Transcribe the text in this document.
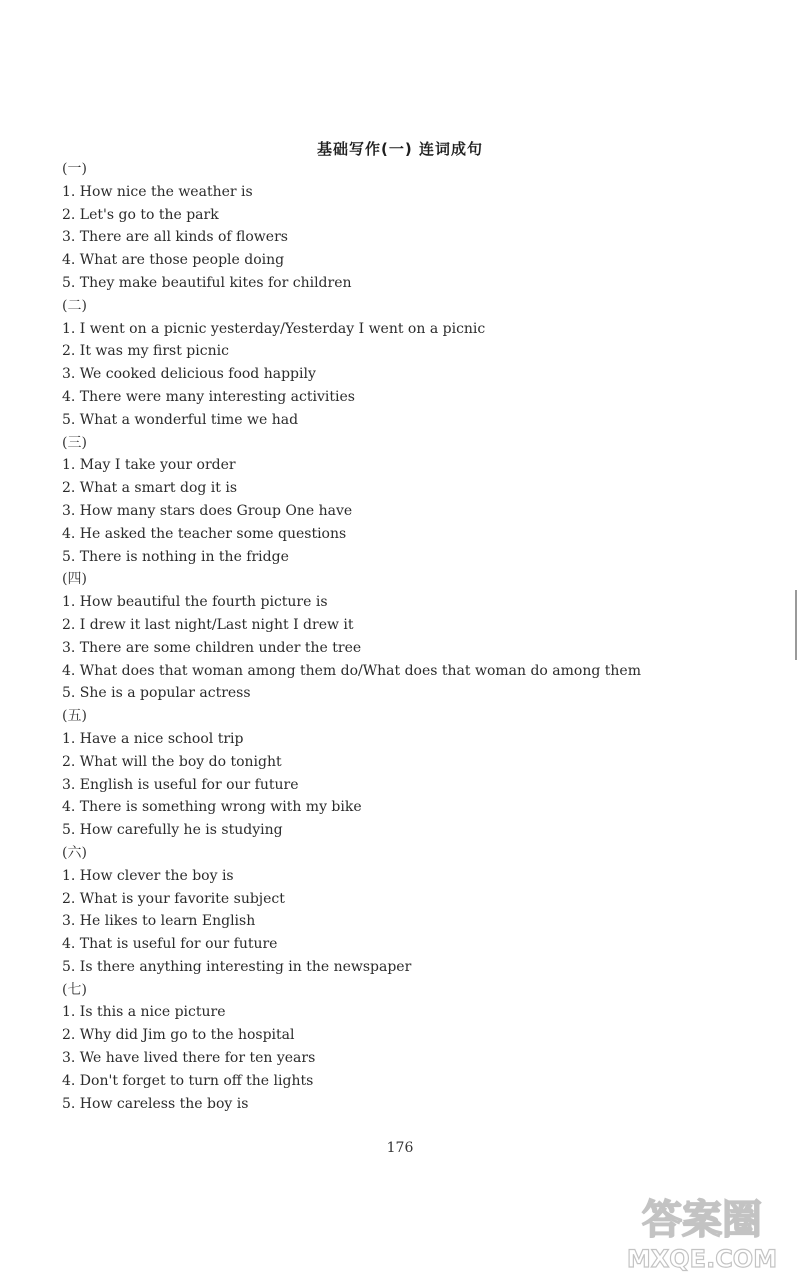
基础写作(一) 连词成句
(一)
1. How nice the weather is
2. Let's go to the park
3. There are all kinds of flowers
4. What are those people doing
5. They make beautiful kites for children
(二)
1. I went on a picnic yesterday/Yesterday I went on a picnic
2. It was my first picnic
3. We cooked delicious food happily
4. There were many interesting activities
5. What a wonderful time we had
(三)
1. May I take your order
2. What a smart dog it is
3. How many stars does Group One have
4. He asked the teacher some questions
5. There is nothing in the fridge
(四)
1. How beautiful the fourth picture is
2. I drew it last night/Last night I drew it
3. There are some children under the tree
4. What does that woman among them do/What does that woman do among them
5. She is a popular actress
(五)
1. Have a nice school trip
2. What will the boy do tonight
3. English is useful for our future
4. There is something wrong with my bike
5. How carefully he is studying
(六)
1. How clever the boy is
2. What is your favorite subject
3. He likes to learn English
4. That is useful for our future
5. Is there anything interesting in the newspaper
(七)
1. Is this a nice picture
2. Why did Jim go to the hospital
3. We have lived there for ten years
4. Don't forget to turn off the lights
5. How careless the boy is
176
答案圈
MXQE.COM
